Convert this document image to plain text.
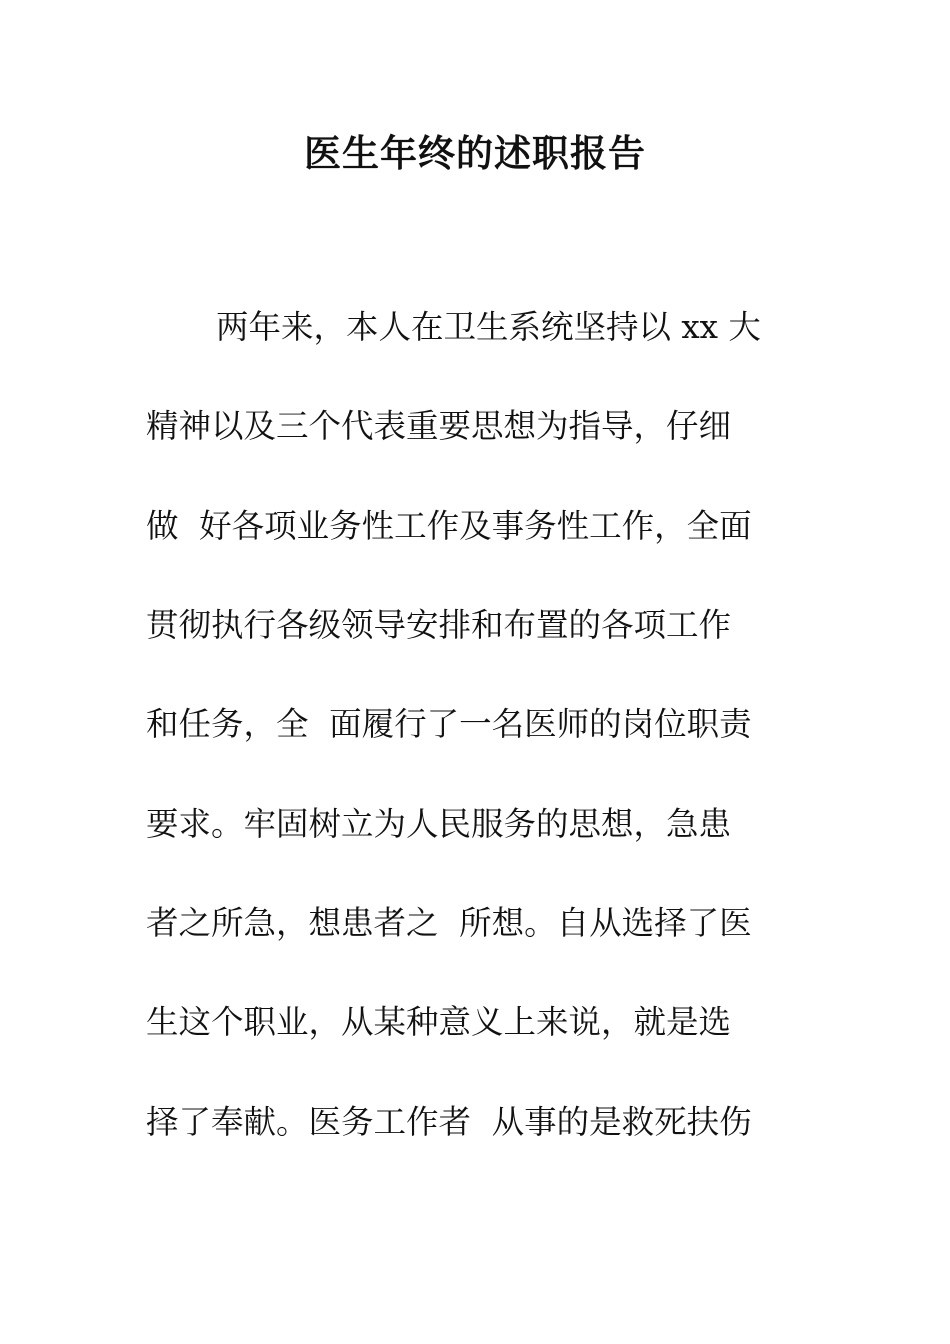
医生年终的述职报告
两年来，本人在卫生系统坚持以 xx 大
精神以及三个代表重要思想为指导，仔细
做  好各项业务性工作及事务性工作，全面
贯彻执行各级领导安排和布置的各项工作
和任务，全  面履行了一名医师的岗位职责
要求。牢固树立为人民服务的思想，急患
者之所急，想患者之  所想。自从选择了医
生这个职业，从某种意义上来说，就是选
择了奉献。医务工作者  从事的是救死扶伤
